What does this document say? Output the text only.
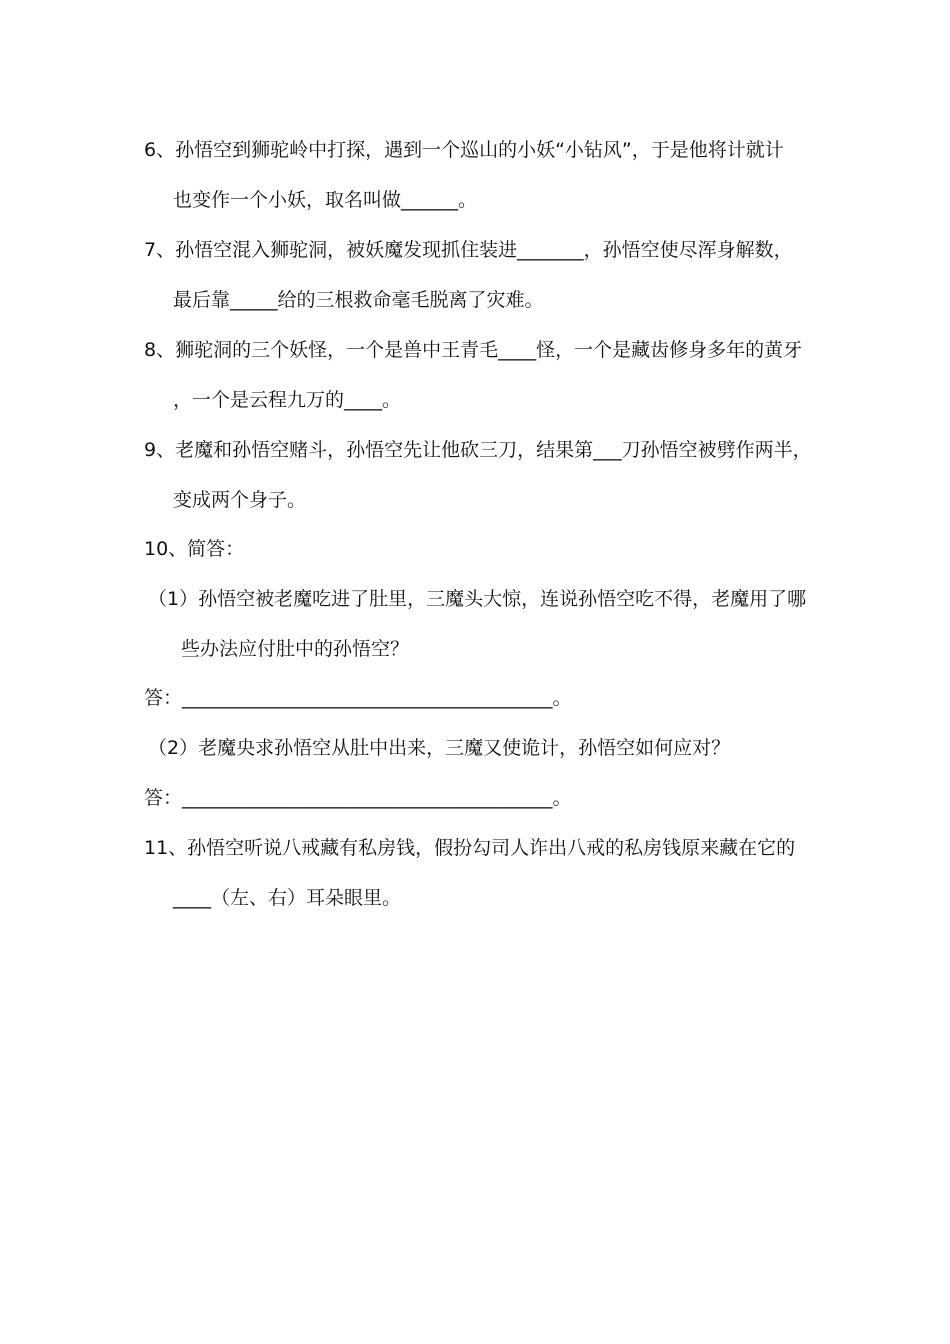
6、孙悟空到狮驼岭中打探，遇到一个巡山的小妖“小钻风”，于是他将计就计
也变作一个小妖，取名叫做______。
7、孙悟空混入狮驼洞，被妖魔发现抓住装进_______，孙悟空使尽浑身解数，
最后靠_____给的三根救命毫毛脱离了灾难。
8、狮驼洞的三个妖怪，一个是兽中王青毛____怪，一个是藏齿修身多年的黄牙
，一个是云程九万的____。
9、老魔和孙悟空赌斗，孙悟空先让他砍三刀，结果第___刀孙悟空被劈作两半，
变成两个身子。
10、简答：
（1）孙悟空被老魔吃进了肚里，三魔头大惊，连说孙悟空吃不得，老魔用了哪
些办法应付肚中的孙悟空？
答：_______________________________________。
（2）老魔央求孙悟空从肚中出来，三魔又使诡计，孙悟空如何应对？
答：_______________________________________。
11、孙悟空听说八戒藏有私房钱，假扮勾司人诈出八戒的私房钱原来藏在它的
____（左、右）耳朵眼里。
